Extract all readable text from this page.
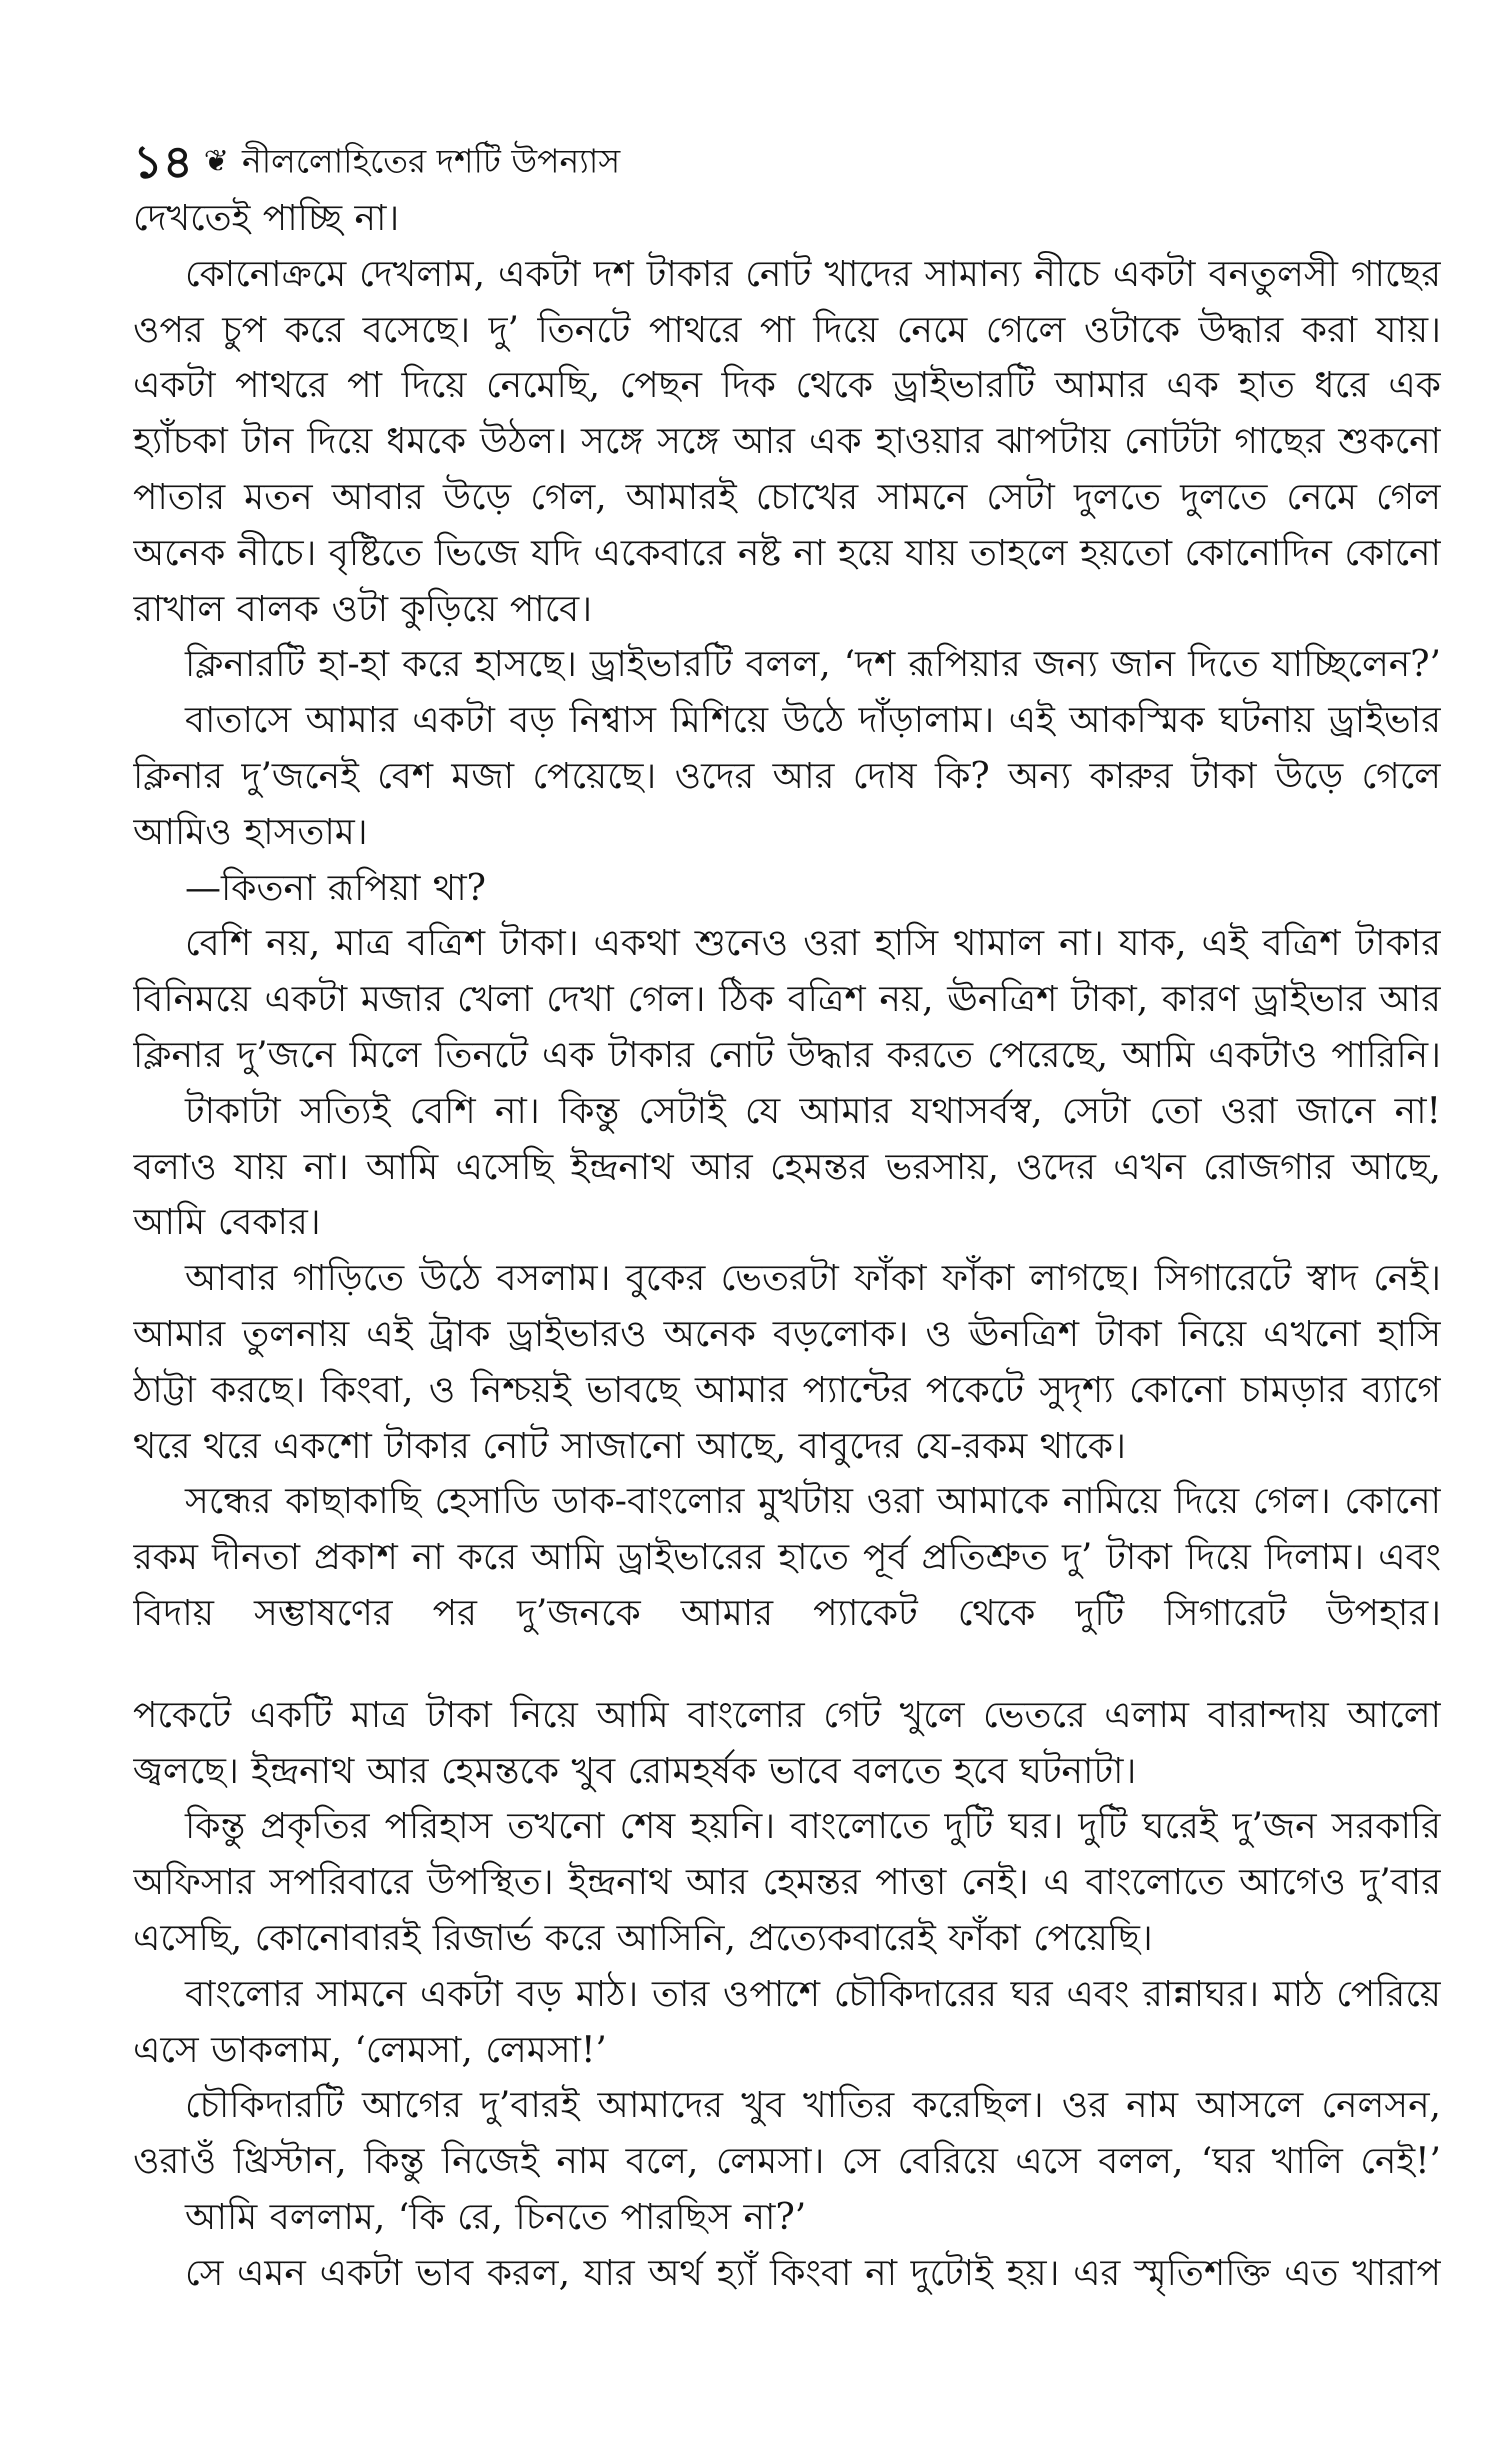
১৪ ❦ নীললোহিতের দশটি উপন্যাস
দেখতেই পাচ্ছি না।
কোনোক্রমে দেখলাম, একটা দশ টাকার নোট খাদের সামান্য নীচে একটা বনতুলসী গাছের
ওপর চুপ করে বসেছে। দু’ তিনটে পাথরে পা দিয়ে নেমে গেলে ওটাকে উদ্ধার করা যায়।
একটা পাথরে পা দিয়ে নেমেছি, পেছন দিক থেকে ড্রাইভারটি আমার এক হাত ধরে এক
হ্যাঁচকা টান দিয়ে ধমকে উঠল। সঙ্গে সঙ্গে আর এক হাওয়ার ঝাপটায় নোটটা গাছের শুকনো
পাতার মতন আবার উড়ে গেল, আমারই চোখের সামনে সেটা দুলতে দুলতে নেমে গেল
অনেক নীচে। বৃষ্টিতে ভিজে যদি একেবারে নষ্ট না হয়ে যায় তাহলে হয়তো কোনোদিন কোনো
রাখাল বালক ওটা কুড়িয়ে পাবে।
ক্লিনারটি হা-হা করে হাসছে। ড্রাইভারটি বলল, ‘দশ রূপিয়ার জন্য জান দিতে যাচ্ছিলেন?’
বাতাসে আমার একটা বড় নিশ্বাস মিশিয়ে উঠে দাঁড়ালাম। এই আকস্মিক ঘটনায় ড্রাইভার
ক্লিনার দু’জনেই বেশ মজা পেয়েছে। ওদের আর দোষ কি? অন্য কারুর টাকা উড়ে গেলে
আমিও হাসতাম।
—কিতনা রূপিয়া থা?
বেশি নয়, মাত্র বত্রিশ টাকা। একথা শুনেও ওরা হাসি থামাল না। যাক, এই বত্রিশ টাকার
বিনিময়ে একটা মজার খেলা দেখা গেল। ঠিক বত্রিশ নয়, ঊনত্রিশ টাকা, কারণ ড্রাইভার আর
ক্লিনার দু’জনে মিলে তিনটে এক টাকার নোট উদ্ধার করতে পেরেছে, আমি একটাও পারিনি।
টাকাটা সত্যিই বেশি না। কিন্তু সেটাই যে আমার যথাসর্বস্ব, সেটা তো ওরা জানে না!
বলাও যায় না। আমি এসেছি ইন্দ্রনাথ আর হেমন্তর ভরসায়, ওদের এখন রোজগার আছে,
আমি বেকার।
আবার গাড়িতে উঠে বসলাম। বুকের ভেতরটা ফাঁকা ফাঁকা লাগছে। সিগারেটে স্বাদ নেই।
আমার তুলনায় এই ট্রাক ড্রাইভারও অনেক বড়লোক। ও ঊনত্রিশ টাকা নিয়ে এখনো হাসি
ঠাট্টা করছে। কিংবা, ও নিশ্চয়ই ভাবছে আমার প্যান্টের পকেটে সুদৃশ্য কোনো চামড়ার ব্যাগে
থরে থরে একশো টাকার নোট সাজানো আছে, বাবুদের যে-রকম থাকে।
সন্ধের কাছাকাছি হেসাডি ডাক-বাংলোর মুখটায় ওরা আমাকে নামিয়ে দিয়ে গেল। কোনো
রকম দীনতা প্রকাশ না করে আমি ড্রাইভারের হাতে পূর্ব প্রতিশ্রুত দু’ টাকা দিয়ে দিলাম। এবং
বিদায় সম্ভাষণের পর দু’জনকে আমার প্যাকেট থেকে দুটি সিগারেট উপহার।
পকেটে একটি মাত্র টাকা নিয়ে আমি বাংলোর গেট খুলে ভেতরে এলাম বারান্দায় আলো
জ্বলছে। ইন্দ্রনাথ আর হেমন্তকে খুব রোমহর্ষক ভাবে বলতে হবে ঘটনাটা।
কিন্তু প্রকৃতির পরিহাস তখনো শেষ হয়নি। বাংলোতে দুটি ঘর। দুটি ঘরেই দু’জন সরকারি
অফিসার সপরিবারে উপস্থিত। ইন্দ্রনাথ আর হেমন্তর পাত্তা নেই। এ বাংলোতে আগেও দু’বার
এসেছি, কোনোবারই রিজার্ভ করে আসিনি, প্রত্যেকবারেই ফাঁকা পেয়েছি।
বাংলোর সামনে একটা বড় মাঠ। তার ওপাশে চৌকিদারের ঘর এবং রান্নাঘর। মাঠ পেরিয়ে
এসে ডাকলাম, ‘লেমসা, লেমসা!’
চৌকিদারটি আগের দু’বারই আমাদের খুব খাতির করেছিল। ওর নাম আসলে নেলসন,
ওরাওঁ খ্রিস্টান, কিন্তু নিজেই নাম বলে, লেমসা। সে বেরিয়ে এসে বলল, ‘ঘর খালি নেই!’
আমি বললাম, ‘কি রে, চিনতে পারছিস না?’
সে এমন একটা ভাব করল, যার অর্থ হ্যাঁ কিংবা না দুটোই হয়। এর স্মৃতিশক্তি এত খারাপ
